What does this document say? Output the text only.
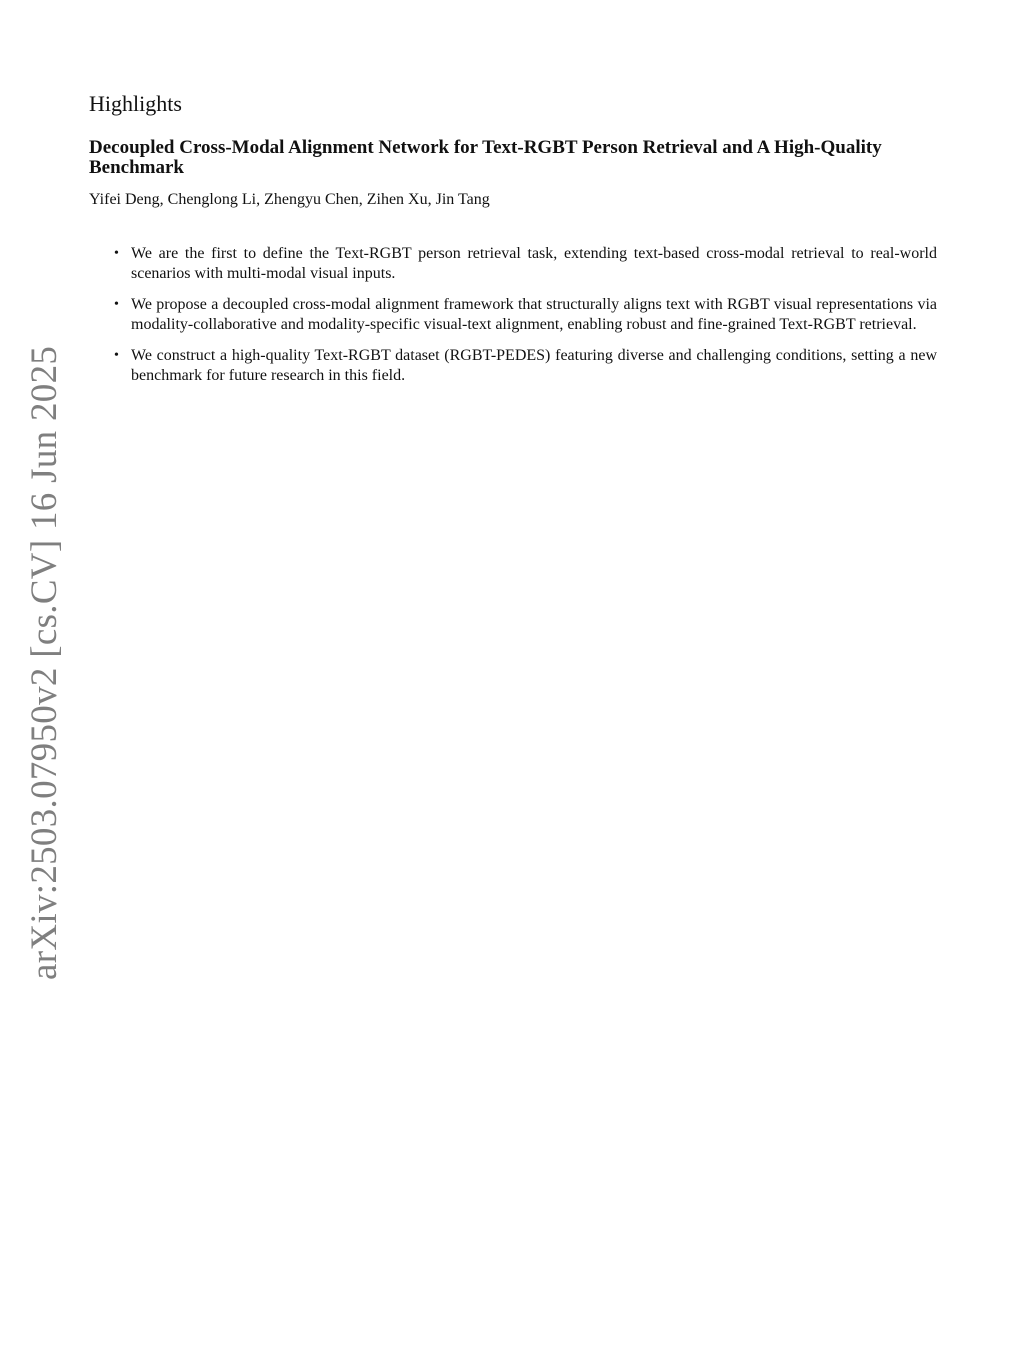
arXiv:2503.07950v2 [cs.CV] 16 Jun 2025
Highlights
Decoupled Cross-Modal Alignment Network for Text-RGBT Person Retrieval and A High-Quality Benchmark

Yifei Deng, Chenglong Li, Zhengyu Chen, Zihen Xu, Jin Tang

• We are the first to define the Text-RGBT person retrieval task, extending text-based cross-modal retrieval to real-world scenarios with multi-modal visual inputs.
• We propose a decoupled cross-modal alignment framework that structurally aligns text with RGBT visual representations via modality-collaborative and modality-specific visual-text alignment, enabling robust and fine-grained Text-RGBT retrieval.
• We construct a high-quality Text-RGBT dataset (RGBT-PEDES) featuring diverse and challenging conditions, setting a new benchmark for future research in this field.
